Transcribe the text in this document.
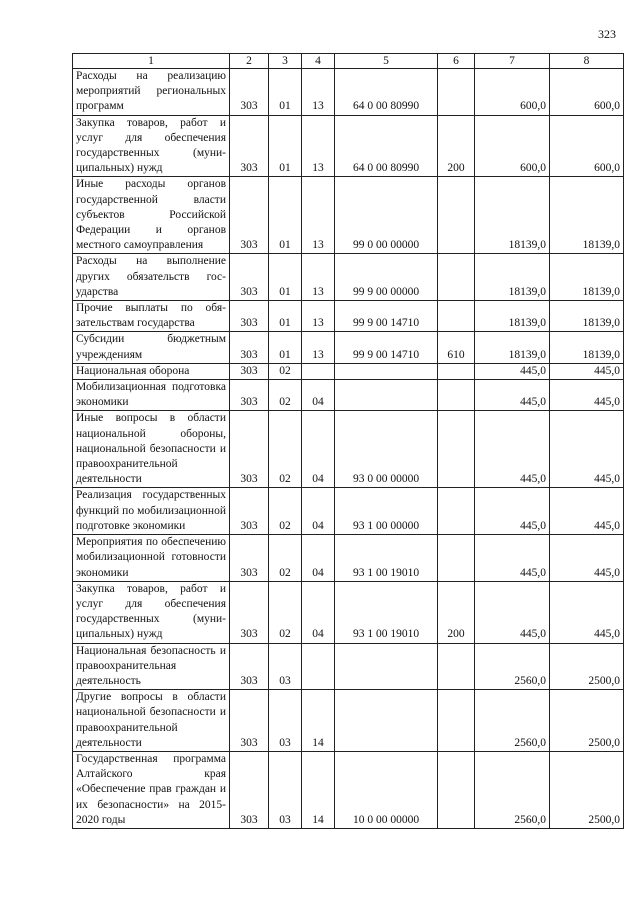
323
1	2	3	4	5	6	7	8
Расходы на реализацию мероприятий региональных программ	303	01	13	64 0 00 80990		600,0	600,0
Закупка товаров, работ и услуг для обеспечения государственных (муниципальных) нужд	303	01	13	64 0 00 80990	200	600,0	600,0
Иные расходы органов государственной власти субъектов Российской Федерации и органов местного самоуправления	303	01	13	99 0 00 00000		18139,0	18139,0
Расходы на выполнение других обязательств государства	303	01	13	99 9 00 00000		18139,0	18139,0
Прочие выплаты по обязательствам государства	303	01	13	99 9 00 14710		18139,0	18139,0
Субсидии бюджетным учреждениям	303	01	13	99 9 00 14710	610	18139,0	18139,0
Национальная оборона	303	02				445,0	445,0
Мобилизационная подготовка экономики	303	02	04			445,0	445,0
Иные вопросы в области национальной обороны, национальной безопасности и правоохранительной деятельности	303	02	04	93 0 00 00000		445,0	445,0
Реализация государственных функций по мобилизационной подготовке экономики	303	02	04	93 1 00 00000		445,0	445,0
Мероприятия по обеспечению мобилизационной готовности экономики	303	02	04	93 1 00 19010		445,0	445,0
Закупка товаров, работ и услуг для обеспечения государственных (муниципальных) нужд	303	02	04	93 1 00 19010	200	445,0	445,0
Национальная безопасность и правоохранительная деятельность	303	03				2560,0	2500,0
Другие вопросы в области национальной безопасности и правоохранительной деятельности	303	03	14			2560,0	2500,0
Государственная программа Алтайского края «Обеспечение прав граждан и их безопасности» на 2015-2020 годы	303	03	14	10 0 00 00000		2560,0	2500,0
